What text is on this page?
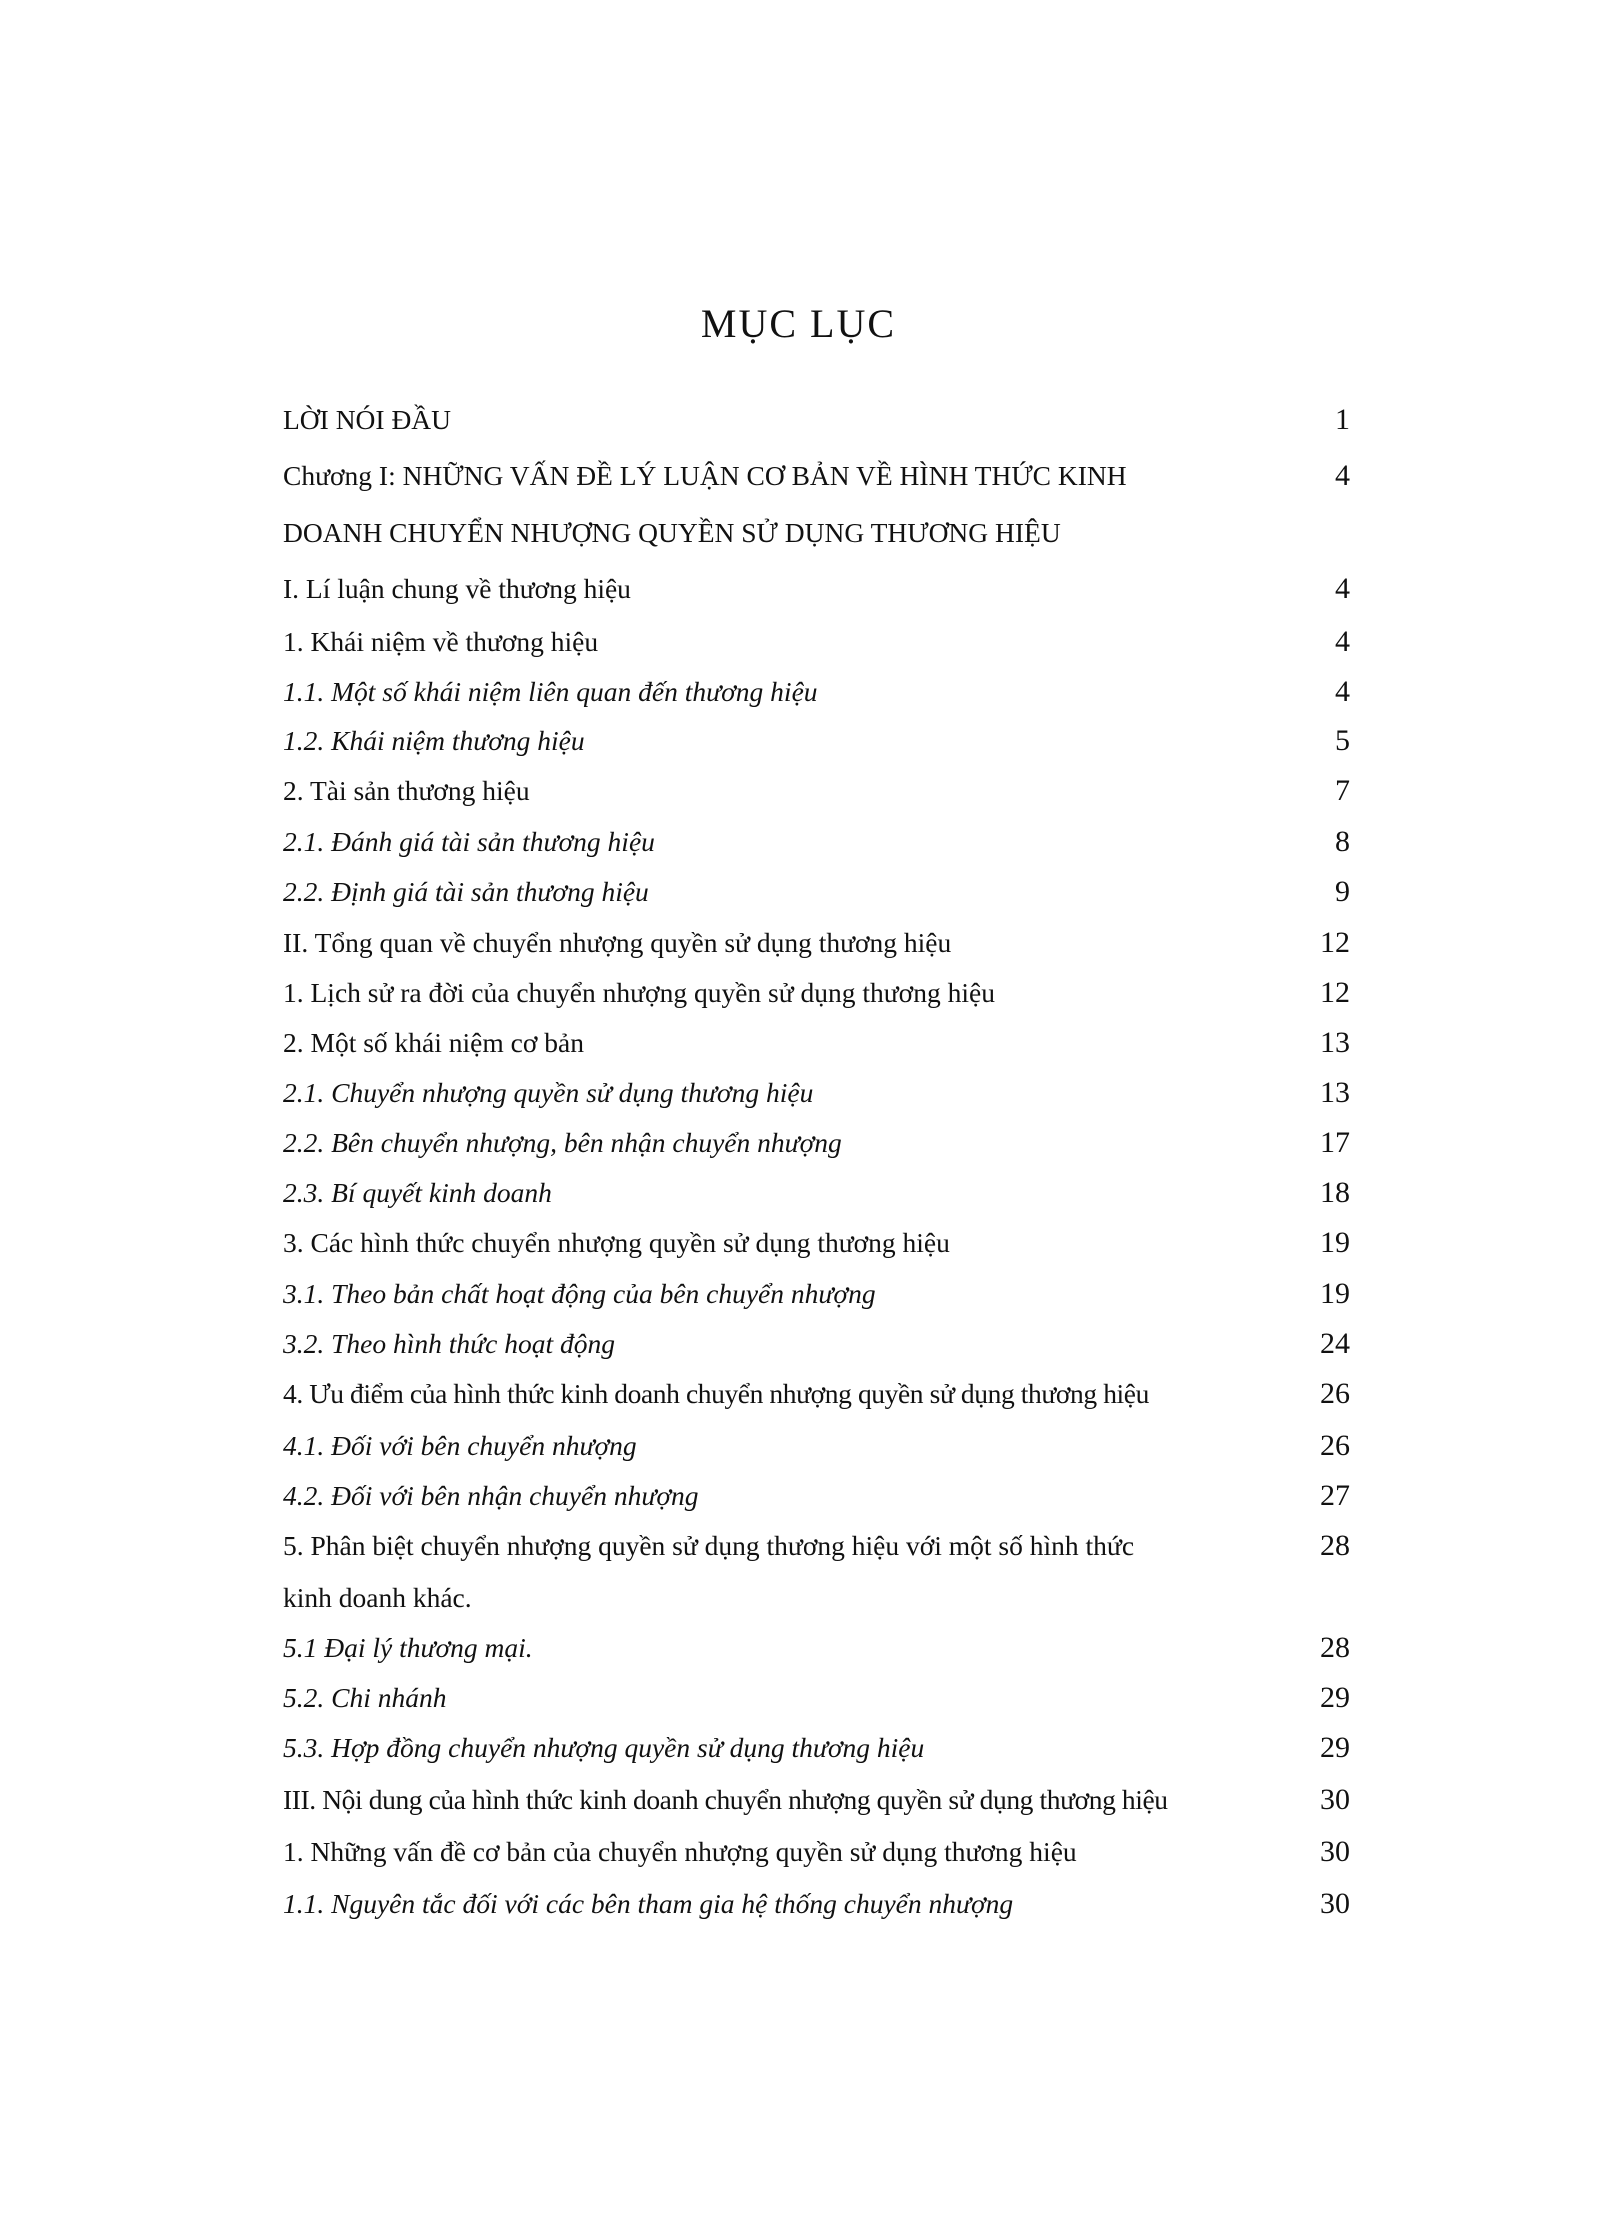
MỤC LỤC
LỜI NÓI ĐẦU	1
Chương I: NHỮNG VẤN ĐỀ LÝ LUẬN CƠ BẢN VỀ HÌNH THỨC KINH	4
DOANH CHUYỂN NHƯỢNG QUYỀN SỬ DỤNG THƯƠNG HIỆU
I. Lí luận chung về thương hiệu	4
1. Khái niệm về thương hiệu	4
1.1. Một số khái niệm liên quan đến thương hiệu	4
1.2. Khái niệm thương hiệu	5
2. Tài sản thương hiệu	7
2.1. Đánh giá tài sản thương hiệu	8
2.2. Định giá tài sản thương hiệu	9
II. Tổng quan về chuyển nhượng quyền sử dụng thương hiệu	12
1. Lịch sử ra đời của chuyển nhượng quyền sử dụng thương hiệu	12
2. Một số khái niệm cơ bản	13
2.1. Chuyển nhượng quyền sử dụng thương hiệu	13
2.2. Bên chuyển nhượng, bên nhận chuyển nhượng	17
2.3. Bí quyết kinh doanh	18
3. Các hình thức chuyển nhượng quyền sử dụng thương hiệu	19
3.1. Theo bản chất hoạt động của bên chuyển nhượng	19
3.2. Theo hình thức hoạt động	24
4. Ưu điểm của hình thức kinh doanh chuyển nhượng quyền sử dụng thương hiệu	26
4.1. Đối với bên chuyển nhượng	26
4.2. Đối với bên nhận chuyển nhượng	27
5. Phân biệt chuyển nhượng quyền sử dụng thương hiệu với một số hình thức	28
kinh doanh khác.
5.1 Đại lý thương mại.	28
5.2. Chi nhánh	29
5.3. Hợp đồng chuyển nhượng quyền sử dụng thương hiệu	29
III. Nội dung của hình thức kinh doanh chuyển nhượng quyền sử dụng thương hiệu	30
1. Những vấn đề cơ bản của chuyển nhượng quyền sử dụng thương hiệu	30
1.1. Nguyên tắc đối với các bên tham gia hệ thống chuyển nhượng	30
